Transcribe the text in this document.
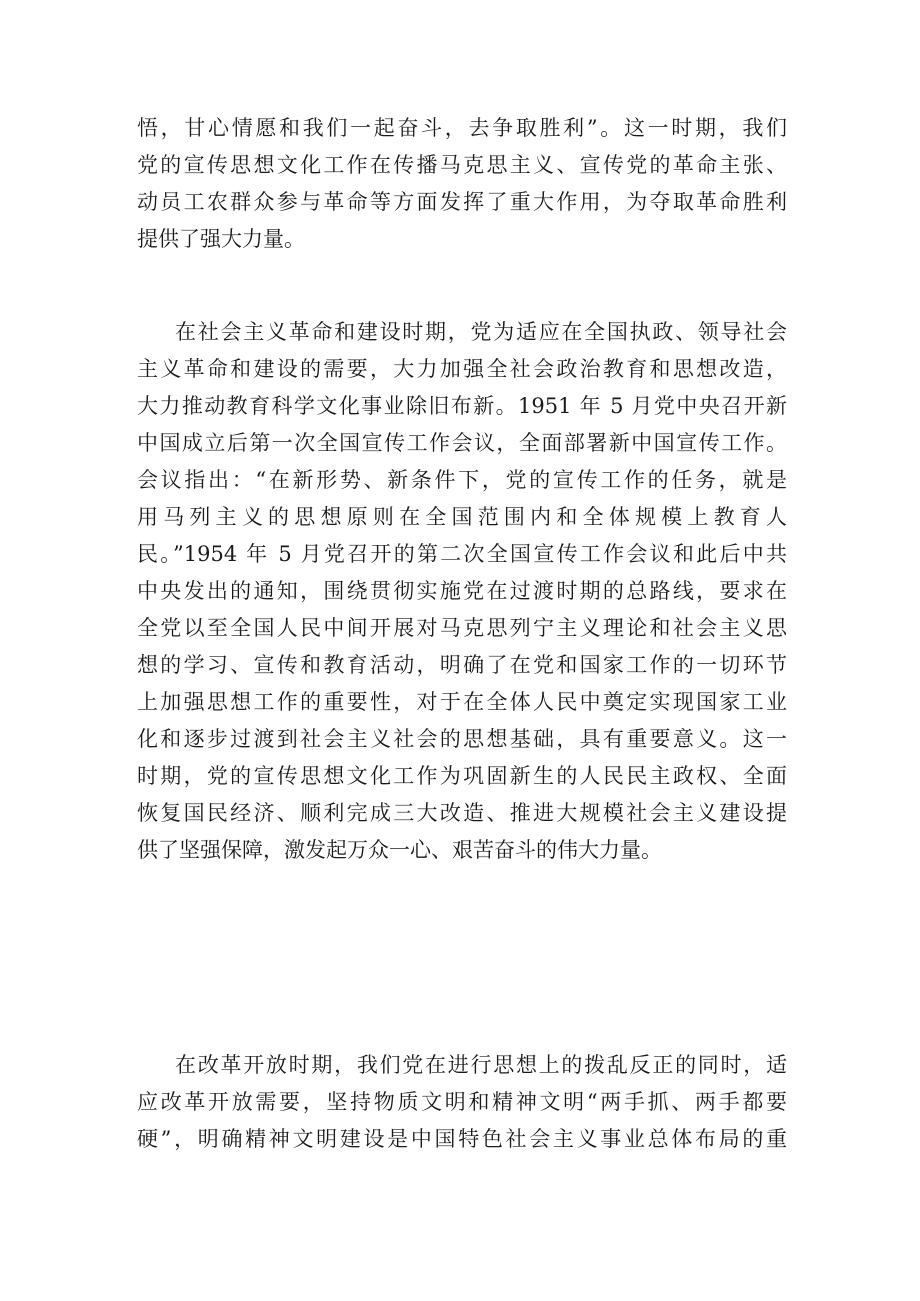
悟，甘心情愿和我们一起奋斗，去争取胜利”。这一时期，我们
党的宣传思想文化工作在传播马克思主义、宣传党的革命主张、
动员工农群众参与革命等方面发挥了重大作用，为夺取革命胜利
提供了强大力量。
在社会主义革命和建设时期，党为适应在全国执政、领导社会
主义革命和建设的需要，大力加强全社会政治教育和思想改造，
大力推动教育科学文化事业除旧布新。1951 年 5 月党中央召开新
中国成立后第一次全国宣传工作会议，全面部署新中国宣传工作。
会议指出：“在新形势、新条件下，党的宣传工作的任务，就是
用马列主义的思想原则在全国范围内和全体规模上教育人
民。”1954 年 5 月党召开的第二次全国宣传工作会议和此后中共
中央发出的通知，围绕贯彻实施党在过渡时期的总路线，要求在
全党以至全国人民中间开展对马克思列宁主义理论和社会主义思
想的学习、宣传和教育活动，明确了在党和国家工作的一切环节
上加强思想工作的重要性，对于在全体人民中奠定实现国家工业
化和逐步过渡到社会主义社会的思想基础，具有重要意义。这一
时期，党的宣传思想文化工作为巩固新生的人民民主政权、全面
恢复国民经济、顺利完成三大改造、推进大规模社会主义建设提
供了坚强保障，激发起万众一心、艰苦奋斗的伟大力量。
在改革开放时期，我们党在进行思想上的拨乱反正的同时，适
应改革开放需要，坚持物质文明和精神文明“两手抓、两手都要
硬”，明确精神文明建设是中国特色社会主义事业总体布局的重
